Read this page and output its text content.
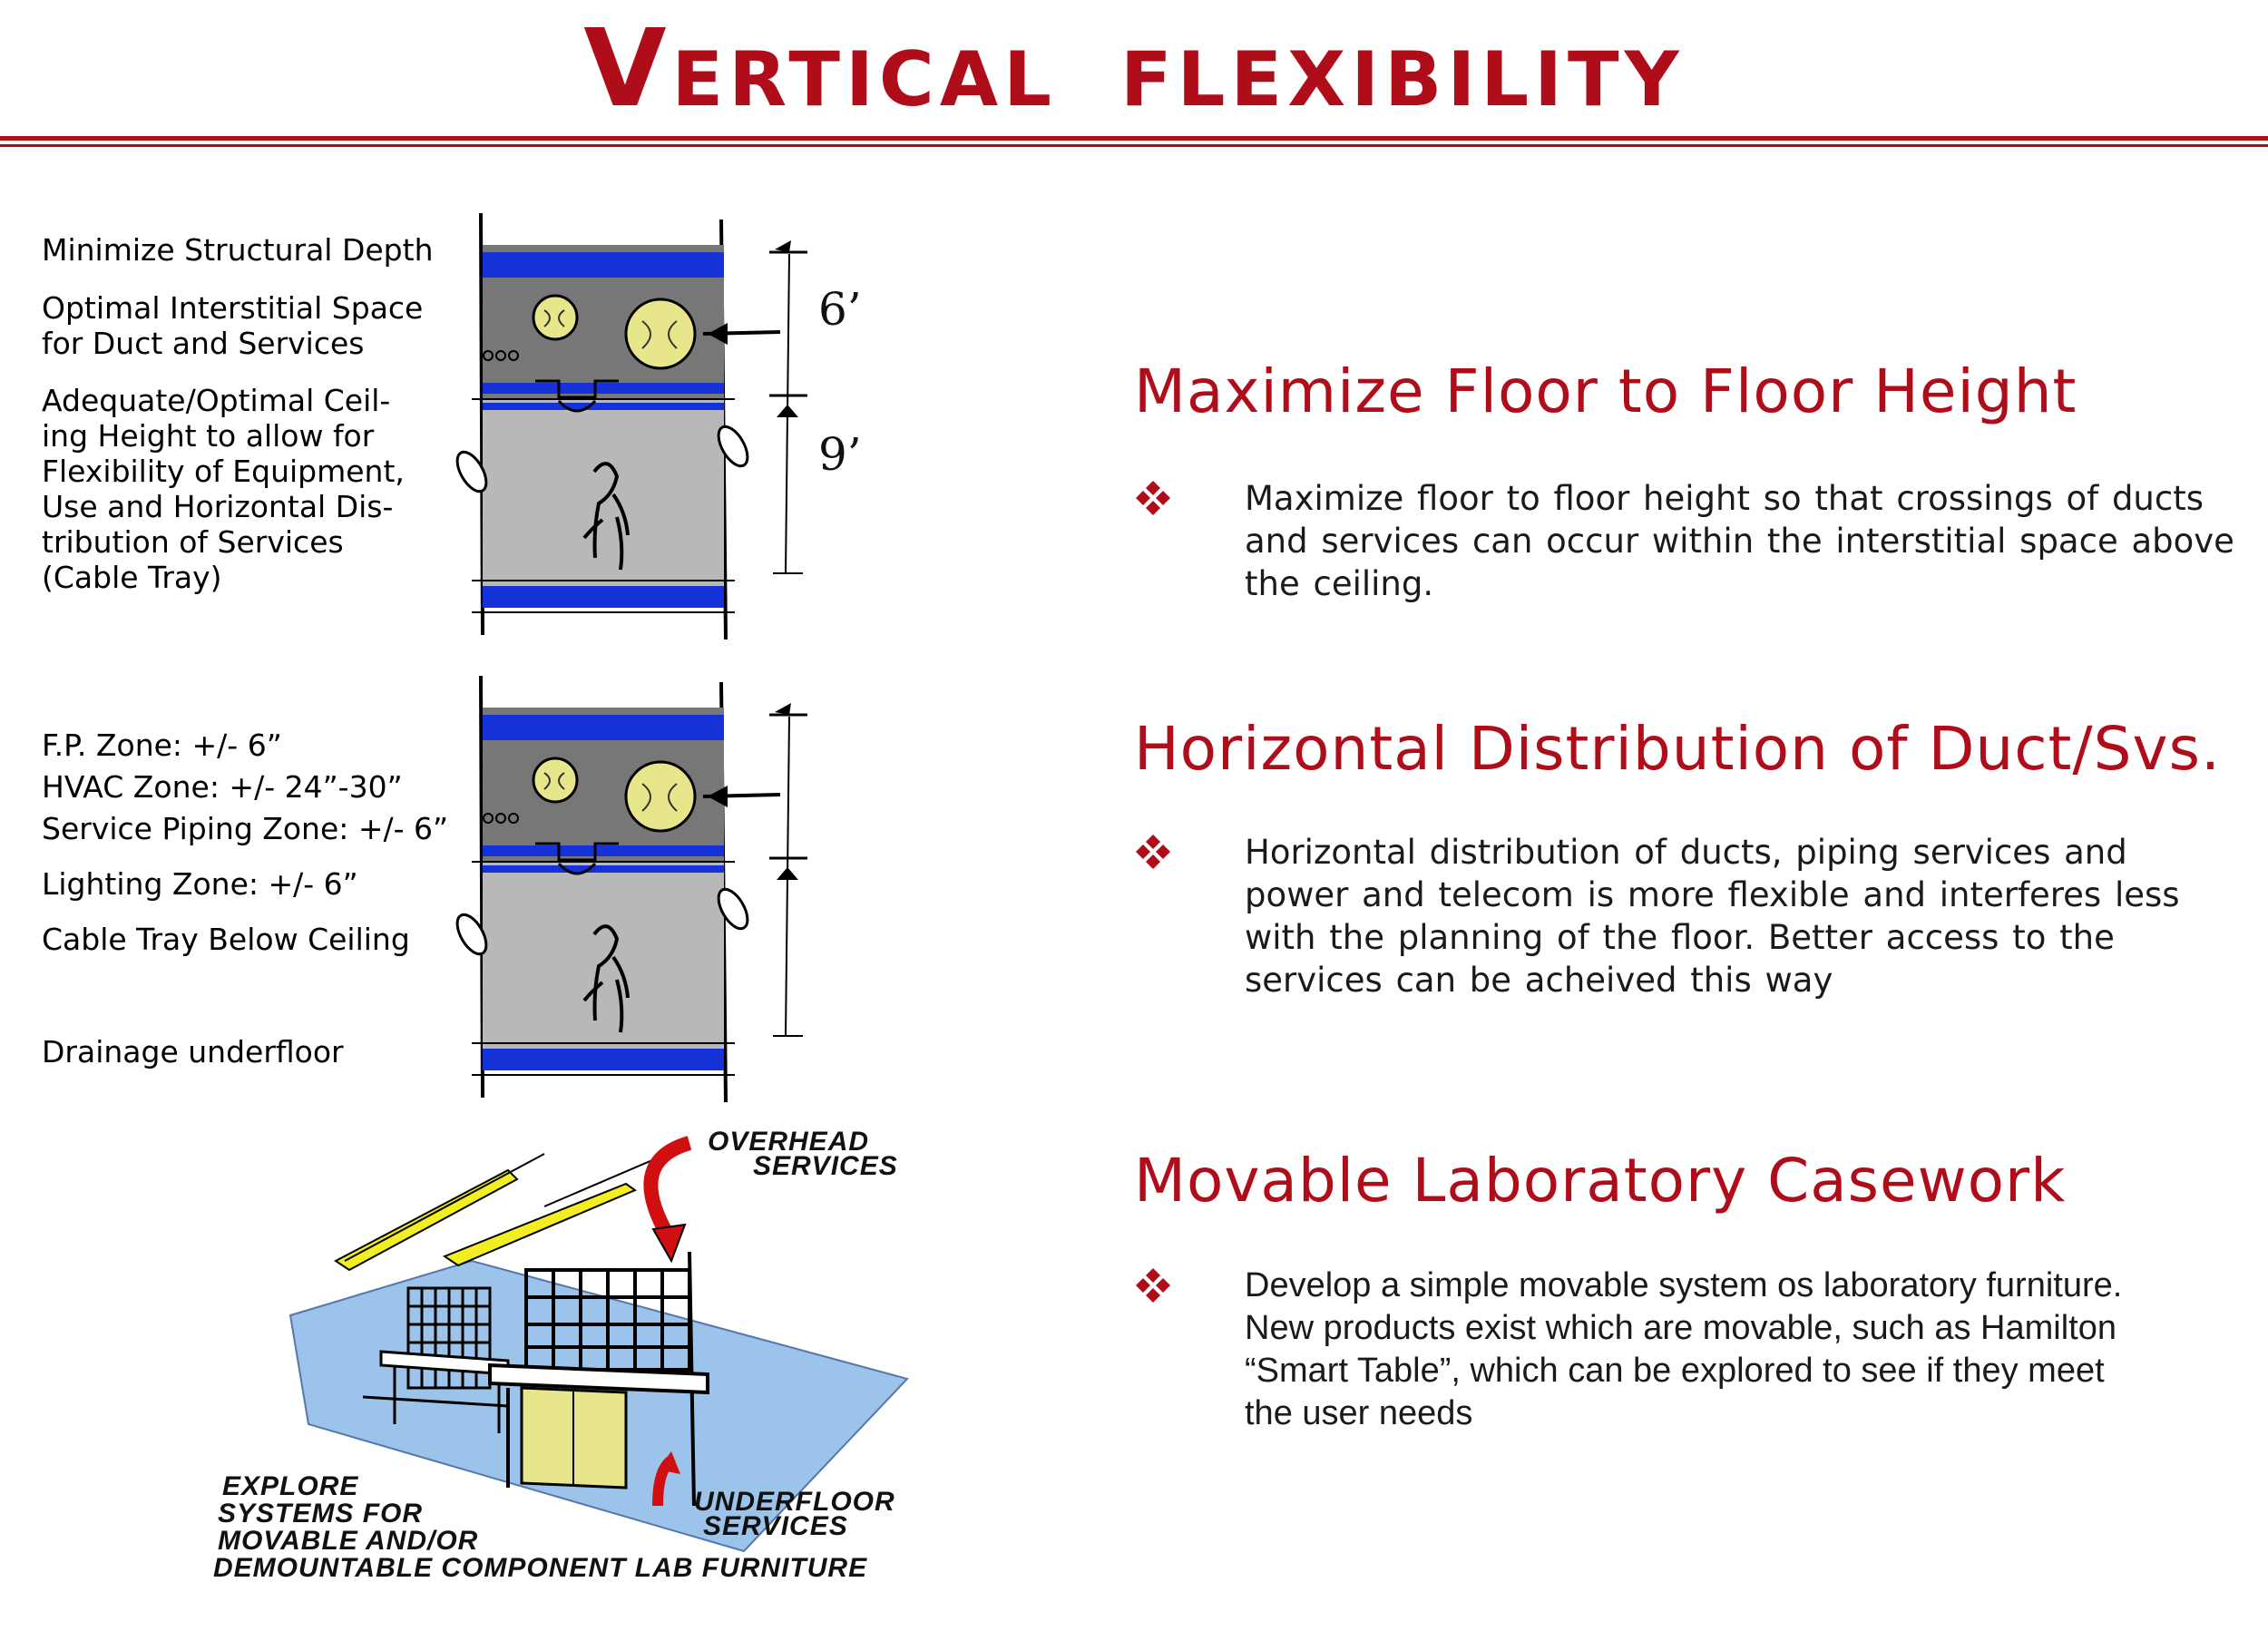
Vertical flexibility
Minimize Structural Depth
Optimal Interstitial Space
for Duct and Services
Adequate/Optimal Ceil-
ing Height to allow for
Flexibility of Equipment,
Use and Horizontal Dis-
tribution of Services
(Cable Tray)
6’
9’
F.P. Zone: +/- 6”
HVAC Zone: +/- 24”-30”
Service Piping Zone: +/- 6”
Lighting Zone: +/- 6”
Cable Tray Below Ceiling
Drainage underfloor
OVERHEAD
SERVICES
UNDERFLOOR
SERVICES
EXPLORE
SYSTEMS FOR
MOVABLE AND/OR
DEMOUNTABLE COMPONENT LAB FURNITURE
Maximize Floor to Floor Height
Maximize floor to floor height so that crossings of ducts
and services can occur within the interstitial space above
the ceiling.
Horizontal Distribution of Duct/Svs.
Horizontal distribution of ducts, piping services and
power and telecom is more flexible and interferes less
with the planning of the floor. Better access to the
services can be acheived this way
Movable Laboratory Casework
Develop a simple movable system os laboratory furniture.
New products exist which are movable, such as Hamilton
“Smart Table”, which can be explored to see if they meet
the user needs
